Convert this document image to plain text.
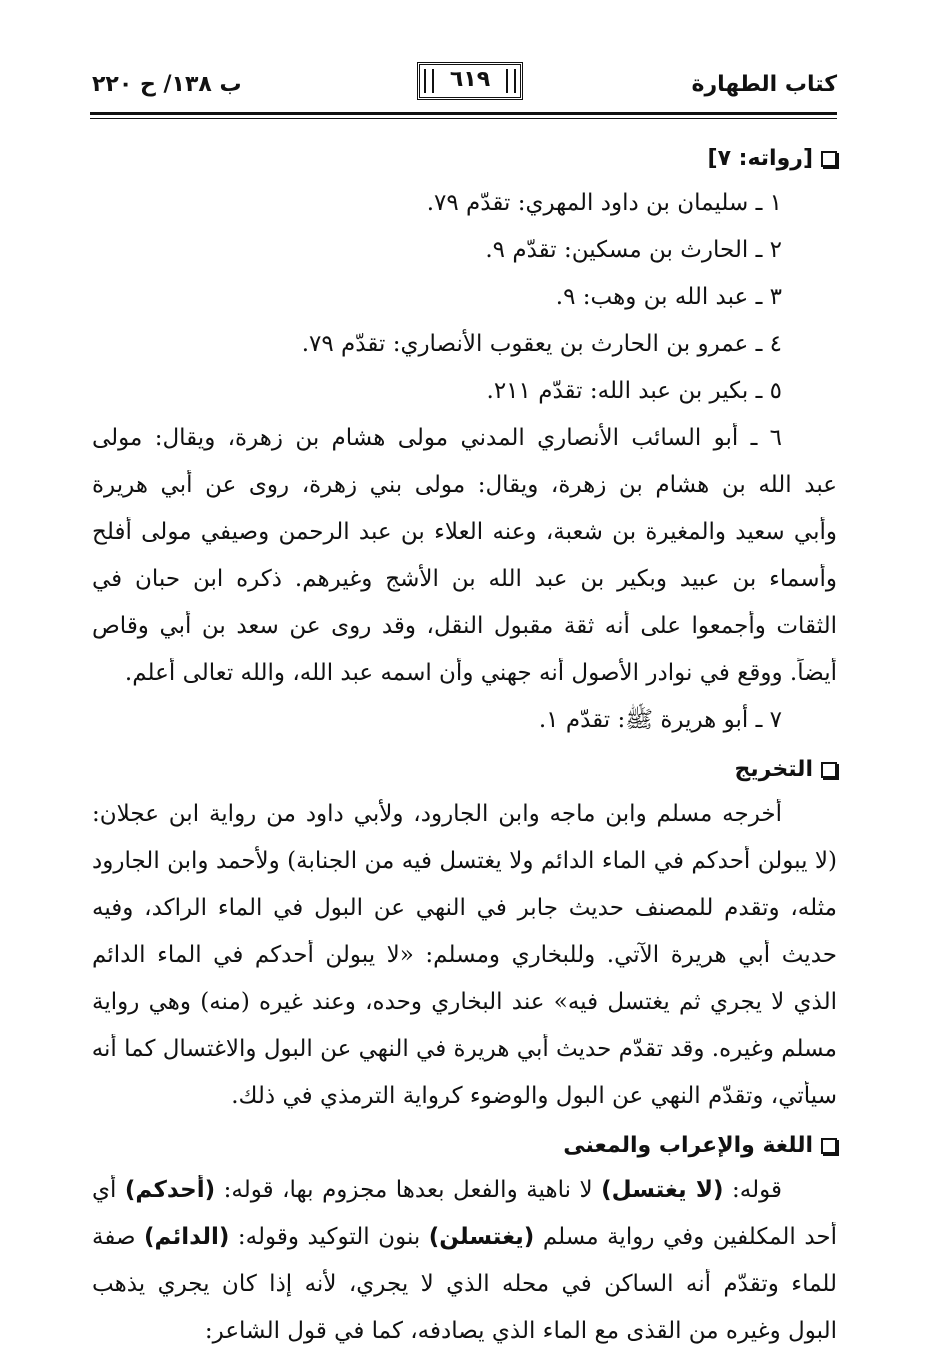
كتاب الطهارة
٦١٩
ب ١٣٨/ ح ٢٢٠
[رواته: ٧]
١ ـ سليمان بن داود المهري: تقدّم ٧٩.
٢ ـ الحارث بن مسكين: تقدّم ٩.
٣ ـ عبد الله بن وهب: ٩.
٤ ـ عمرو بن الحارث بن يعقوب الأنصاري: تقدّم ٧٩.
٥ ـ بكير بن عبد الله: تقدّم ٢١١.
٦ ـ أبو السائب الأنصاري المدني مولى هشام بن زهرة، ويقال: مولى
عبد الله بن هشام بن زهرة، ويقال: مولى بني زهرة، روى عن أبي هريرة
وأبي سعيد والمغيرة بن شعبة، وعنه العلاء بن عبد الرحمن وصيفي مولى أفلح
وأسماء بن عبيد وبكير بن عبد الله بن الأشج وغيرهم. ذكره ابن حبان في
الثقات وأجمعوا على أنه ثقة مقبول النقل، وقد روى عن سعد بن أبي وقاص
أيضاً. ووقع في نوادر الأصول أنه جهني وأن اسمه عبد الله، والله تعالى أعلم.
٧ ـ أبو هريرة ﷺ: تقدّم ١.
التخريج
أخرجه مسلم وابن ماجه وابن الجارود، ولأبي داود من رواية ابن عجلان:
(لا يبولن أحدكم في الماء الدائم ولا يغتسل فيه من الجنابة) ولأحمد وابن الجارود
مثله، وتقدم للمصنف حديث جابر في النهي عن البول في الماء الراكد، وفيه
حديث أبي هريرة الآتي. وللبخاري ومسلم: «لا يبولن أحدكم في الماء الدائم
الذي لا يجري ثم يغتسل فيه» عند البخاري وحده، وعند غيره (منه) وهي رواية
مسلم وغيره. وقد تقدّم حديث أبي هريرة في النهي عن البول والاغتسال كما أنه
سيأتي، وتقدّم النهي عن البول والوضوء كرواية الترمذي في ذلك.
اللغة والإعراب والمعنى
قوله: (لا يغتسل) لا ناهية والفعل بعدها مجزوم بها، قوله: (أحدكم) أي
أحد المكلفين وفي رواية مسلم (يغتسلن) بنون التوكيد وقوله: (الدائم) صفة
للماء وتقدّم أنه الساكن في محله الذي لا يجري، لأنه إذا كان يجري يذهب
البول وغيره من القذى مع الماء الذي يصادفه، كما في قول الشاعر:
